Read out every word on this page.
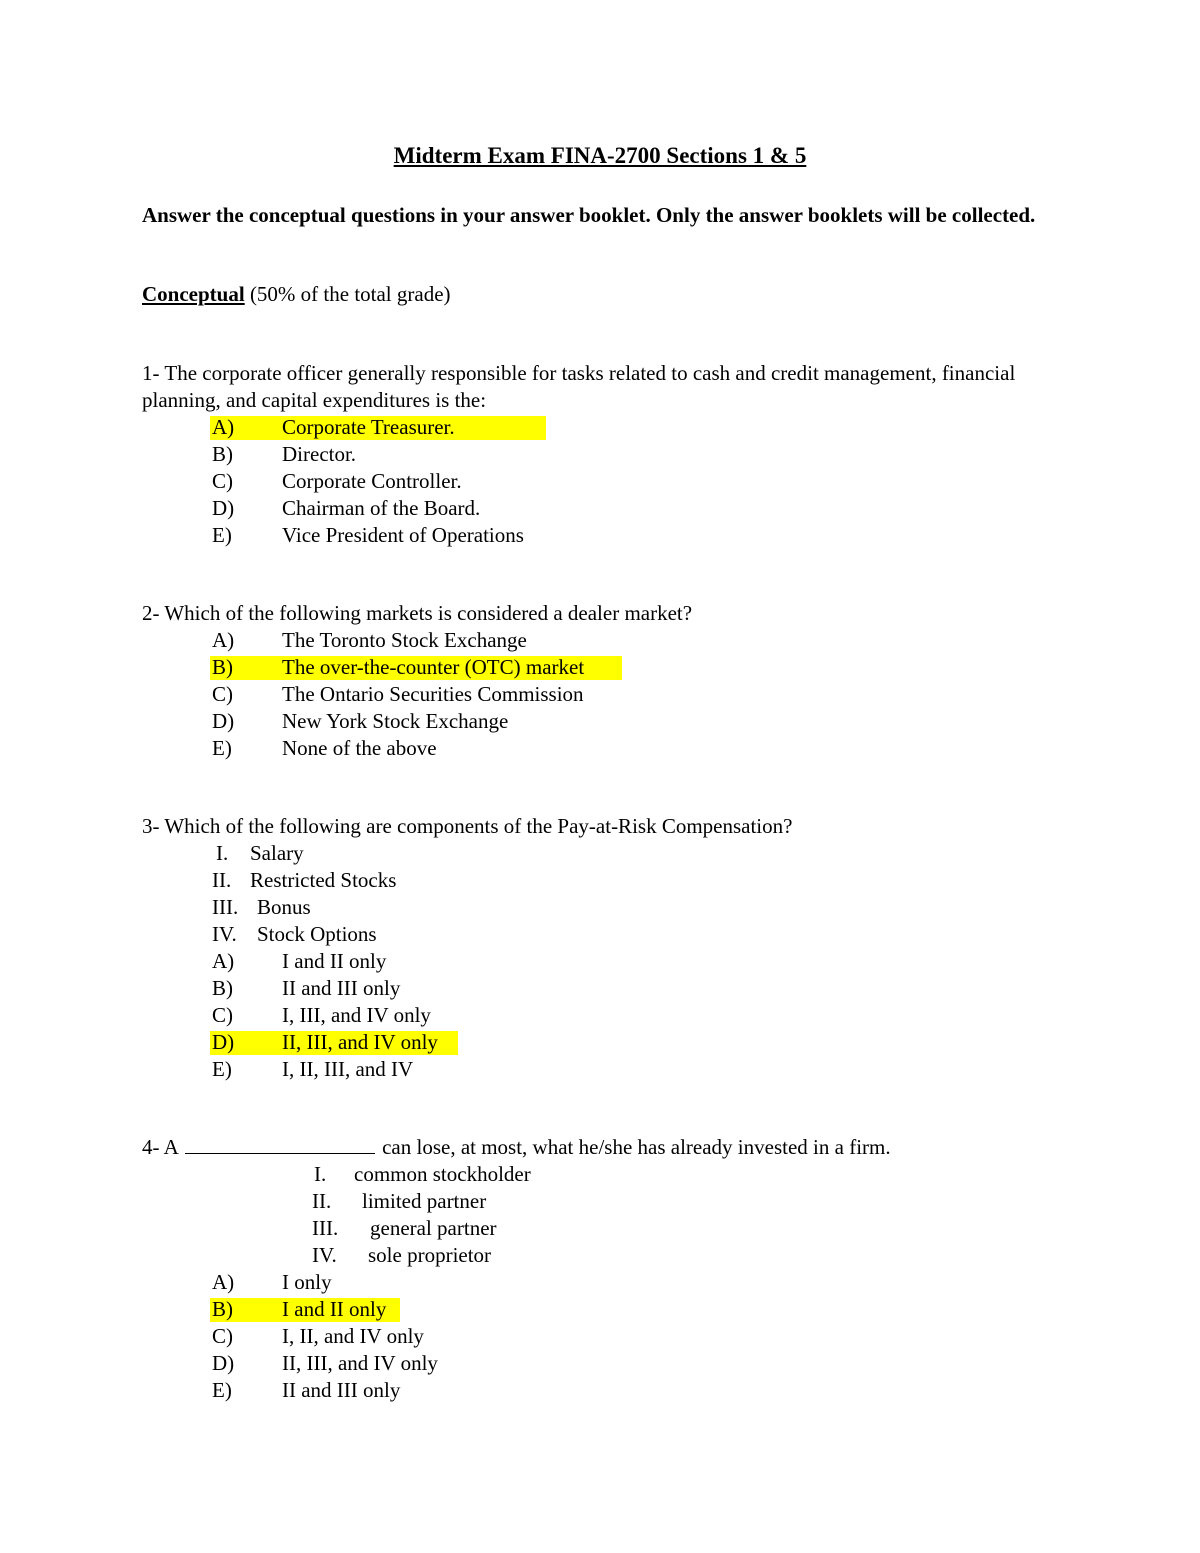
Midterm Exam FINA-2700 Sections 1 & 5
Answer the conceptual questions in your answer booklet. Only the answer booklets will be collected.
Conceptual (50% of the total grade)
1- The corporate officer generally responsible for tasks related to cash and credit management, financial planning, and capital expenditures is the:
A) Corporate Treasurer.
B) Director.
C) Corporate Controller.
D) Chairman of the Board.
E) Vice President of Operations
2- Which of the following markets is considered a dealer market?
A) The Toronto Stock Exchange
B) The over-the-counter (OTC) market
C) The Ontario Securities Commission
D) New York Stock Exchange
E) None of the above
3- Which of the following are components of the Pay-at-Risk Compensation?
I. Salary
II. Restricted Stocks
III. Bonus
IV. Stock Options
A) I and II only
B) II and III only
C) I, III, and IV only
D) II, III, and IV only
E) I, II, III, and IV
4- A	can lose, at most, what he/she has already invested in a firm.
I. common stockholder
II. limited partner
III. general partner
IV. sole proprietor
A) I only
B) I and II only
C) I, II, and IV only
D) II, III, and IV only
E) II and III only
